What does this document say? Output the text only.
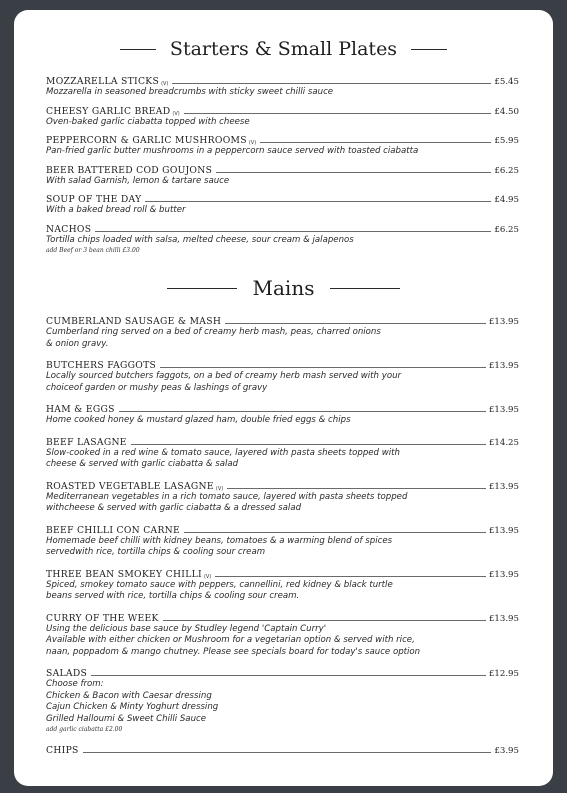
Starters & Small Plates
MOZZARELLA STICKS (V)	£5.45
Mozzarella in seasoned breadcrumbs with sticky sweet chilli sauce
CHEESY GARLIC BREAD (V)	£4.50
Oven-baked garlic ciabatta topped with cheese
PEPPERCORN & GARLIC MUSHROOMS (V)	£5.95
Pan-fried garlic butter mushrooms in a peppercorn sauce served with toasted ciabatta
BEER BATTERED COD GOUJONS	£6.25
With salad Garnish, lemon & tartare sauce
SOUP OF THE DAY	£4.95
With a baked bread roll & butter
NACHOS	£6.25
Tortilla chips loaded with salsa, melted cheese, sour cream & jalapenos
add Beef or 3 bean chilli £3.00
Mains
CUMBERLAND SAUSAGE & MASH	£13.95
Cumberland ring served on a bed of creamy herb mash, peas, charred onions
& onion gravy.
BUTCHERS FAGGOTS	£13.95
Locally sourced butchers faggots, on a bed of creamy herb mash served with your
choiceof garden or mushy peas & lashings of gravy
HAM & EGGS	£13.95
Home cooked honey & mustard glazed ham, double fried eggs & chips
BEEF LASAGNE	£14.25
Slow-cooked in a red wine & tomato sauce, layered with pasta sheets topped with
cheese & served with garlic ciabatta & salad
ROASTED VEGETABLE LASAGNE (V)	£13.95
Mediterranean vegetables in a rich tomato sauce, layered with pasta sheets topped
withcheese & served with garlic ciabatta & a dressed salad
BEEF CHILLI CON CARNE	£13.95
Homemade beef chilli with kidney beans, tomatoes & a warming blend of spices
servedwith rice, tortilla chips & cooling sour cream
THREE BEAN SMOKEY CHILLI (V)	£13.95
Spiced, smokey tomato sauce with peppers, cannellini, red kidney & black turtle
beans served with rice, tortilla chips & cooling sour cream.
CURRY OF THE WEEK	£13.95
Using the delicious base sauce by Studley legend 'Captain Curry'
Available with either chicken or Mushroom for a vegetarian option & served with rice,
naan, poppadom & mango chutney. Please see specials board for today's sauce option
SALADS	£12.95
Choose from:
Chicken & Bacon with Caesar dressing
Cajun Chicken & Minty Yoghurt dressing
Grilled Halloumi & Sweet Chilli Sauce
add garlic ciabatta £2.00
CHIPS	£3.95
